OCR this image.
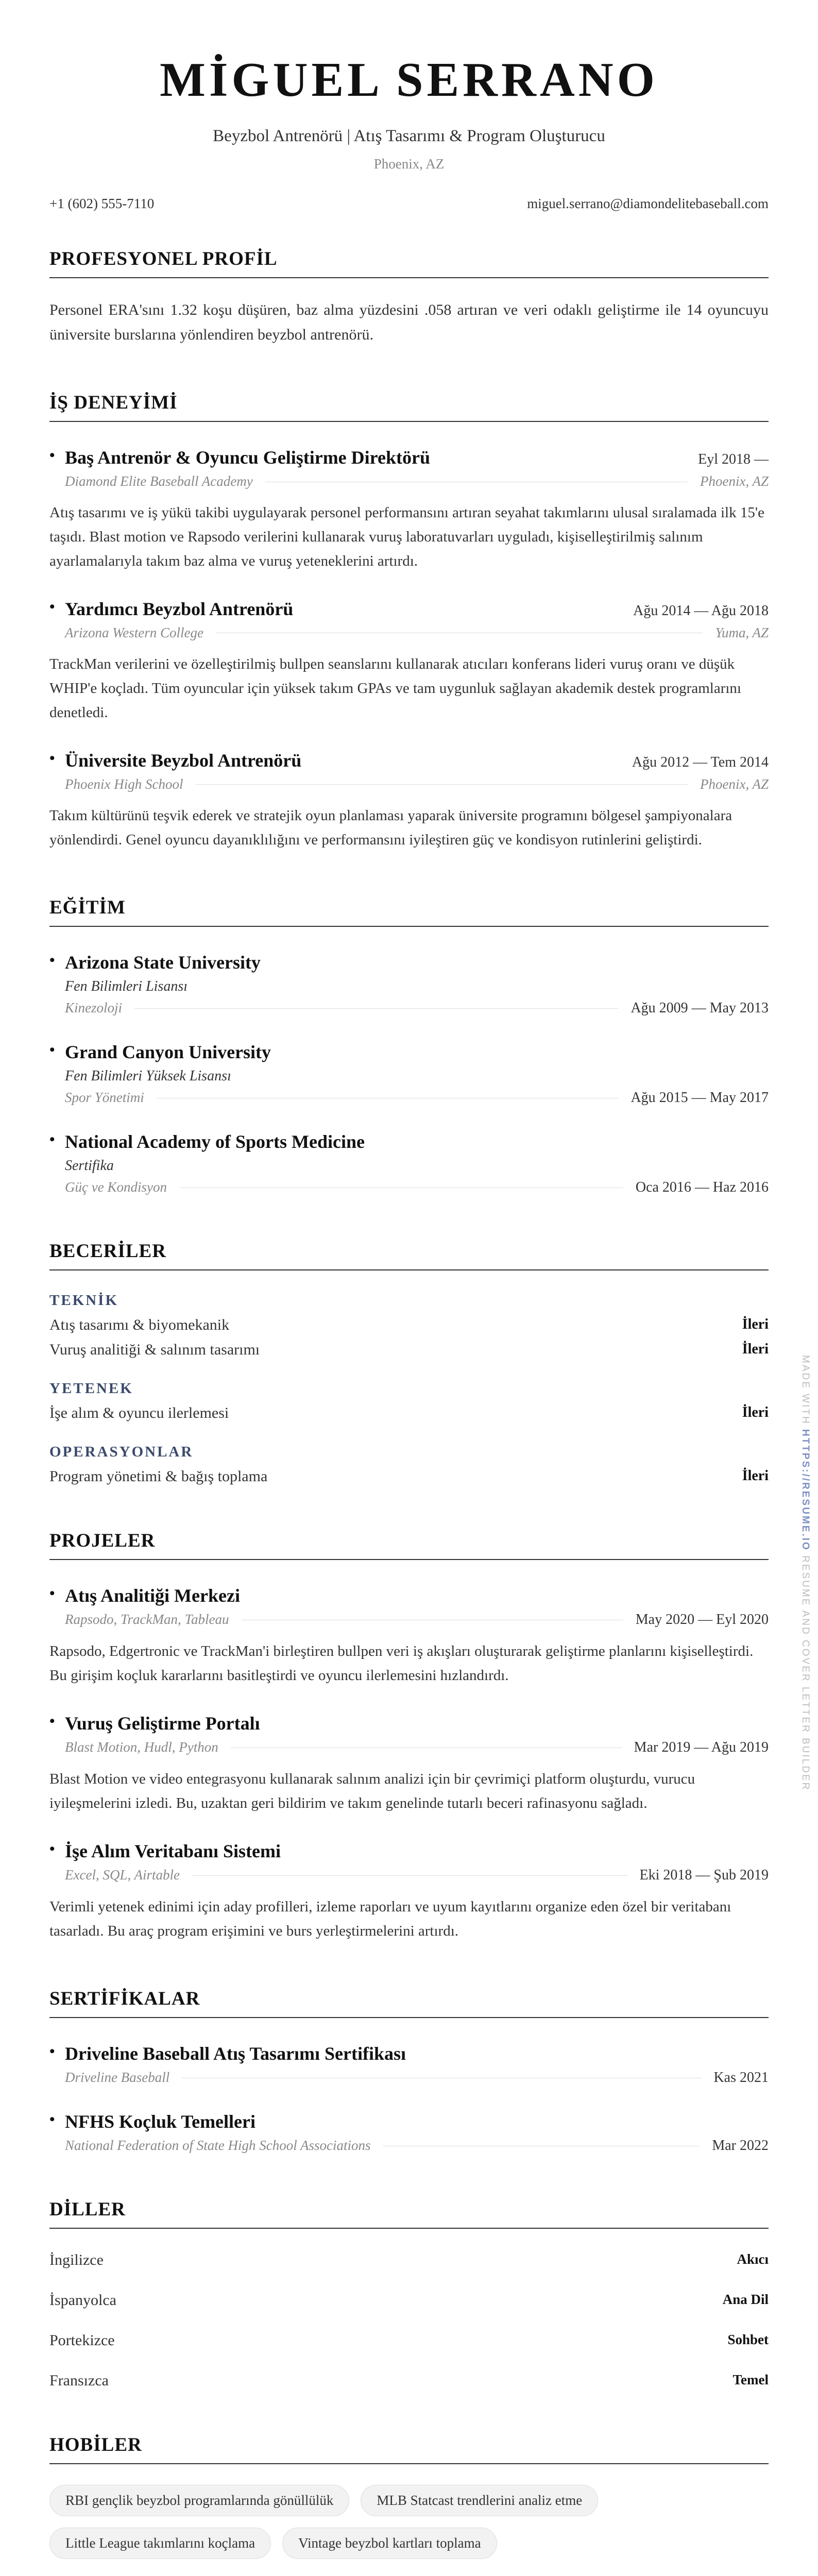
MİGUEL SERRANO
Beyzbol Antrenörü | Atış Tasarımı & Program Oluşturucu
Phoenix, AZ
+1 (602) 555-7110	miguel.serrano@diamondelitebaseball.com
PROFESYONEL PROFİL
Personel ERA'sını 1.32 koşu düşüren, baz alma yüzdesini .058 artıran ve veri odaklı geliştirme ile 14 oyuncuyu üniversite burslarına yönlendiren beyzbol antrenörü.
İŞ DENEYİMİ
• Baş Antrenör & Oyuncu Geliştirme Direktörü	Eyl 2018 —
Diamond Elite Baseball Academy	Phoenix, AZ
Atış tasarımı ve iş yükü takibi uygulayarak personel performansını artıran seyahat takımlarını ulusal sıralamada ilk 15'e taşıdı. Blast motion ve Rapsodo verilerini kullanarak vuruş laboratuvarları uyguladı, kişiselleştirilmiş salınım ayarlamalarıyla takım baz alma ve vuruş yeteneklerini artırdı.
• Yardımcı Beyzbol Antrenörü	Ağu 2014 — Ağu 2018
Arizona Western College	Yuma, AZ
TrackMan verilerini ve özelleştirilmiş bullpen seanslarını kullanarak atıcıları konferans lideri vuruş oranı ve düşük WHIP'e koçladı. Tüm oyuncular için yüksek takım GPAs ve tam uygunluk sağlayan akademik destek programlarını denetledi.
• Üniversite Beyzbol Antrenörü	Ağu 2012 — Tem 2014
Phoenix High School	Phoenix, AZ
Takım kültürünü teşvik ederek ve stratejik oyun planlaması yaparak üniversite programını bölgesel şampiyonalara yönlendirdi. Genel oyuncu dayanıklılığını ve performansını iyileştiren güç ve kondisyon rutinlerini geliştirdi.
EĞİTİM
• Arizona State University
Fen Bilimleri Lisansı
Kinezoloji	Ağu 2009 — May 2013
• Grand Canyon University
Fen Bilimleri Yüksek Lisansı
Spor Yönetimi	Ağu 2015 — May 2017
• National Academy of Sports Medicine
Sertifika
Güç ve Kondisyon	Oca 2016 — Haz 2016
BECERİLER
TEKNİK
Atış tasarımı & biyomekanik	İleri
Vuruş analitiği & salınım tasarımı	İleri
YETENEK
İşe alım & oyuncu ilerlemesi	İleri
OPERASYONLAR
Program yönetimi & bağış toplama	İleri
PROJELER
• Atış Analitiği Merkezi
Rapsodo, TrackMan, Tableau	May 2020 — Eyl 2020
Rapsodo, Edgertronic ve TrackMan'i birleştiren bullpen veri iş akışları oluşturarak geliştirme planlarını kişiselleştirdi. Bu girişim koçluk kararlarını basitleştirdi ve oyuncu ilerlemesini hızlandırdı.
• Vuruş Geliştirme Portalı
Blast Motion, Hudl, Python	Mar 2019 — Ağu 2019
Blast Motion ve video entegrasyonu kullanarak salınım analizi için bir çevrimiçi platform oluşturdu, vurucu iyileşmelerini izledi. Bu, uzaktan geri bildirim ve takım genelinde tutarlı beceri rafinasyonu sağladı.
• İşe Alım Veritabanı Sistemi
Excel, SQL, Airtable	Eki 2018 — Şub 2019
Verimli yetenek edinimi için aday profilleri, izleme raporları ve uyum kayıtlarını organize eden özel bir veritabanı tasarladı. Bu araç program erişimini ve burs yerleştirmelerini artırdı.
SERTİFİKALAR
• Driveline Baseball Atış Tasarımı Sertifikası
Driveline Baseball	Kas 2021
• NFHS Koçluk Temelleri
National Federation of State High School Associations	Mar 2022
DİLLER
İngilizce	Akıcı
İspanyolca	Ana Dil
Portekizce	Sohbet
Fransızca	Temel
HOBİLER
RBI gençlik beyzbol programlarında gönüllülük	MLB Statcast trendlerini analiz etme
Little League takımlarını koçlama	Vintage beyzbol kartları toplama
MADE WITH HTTPS://RESUME.IO RESUME AND COVER LETTER BUILDER
